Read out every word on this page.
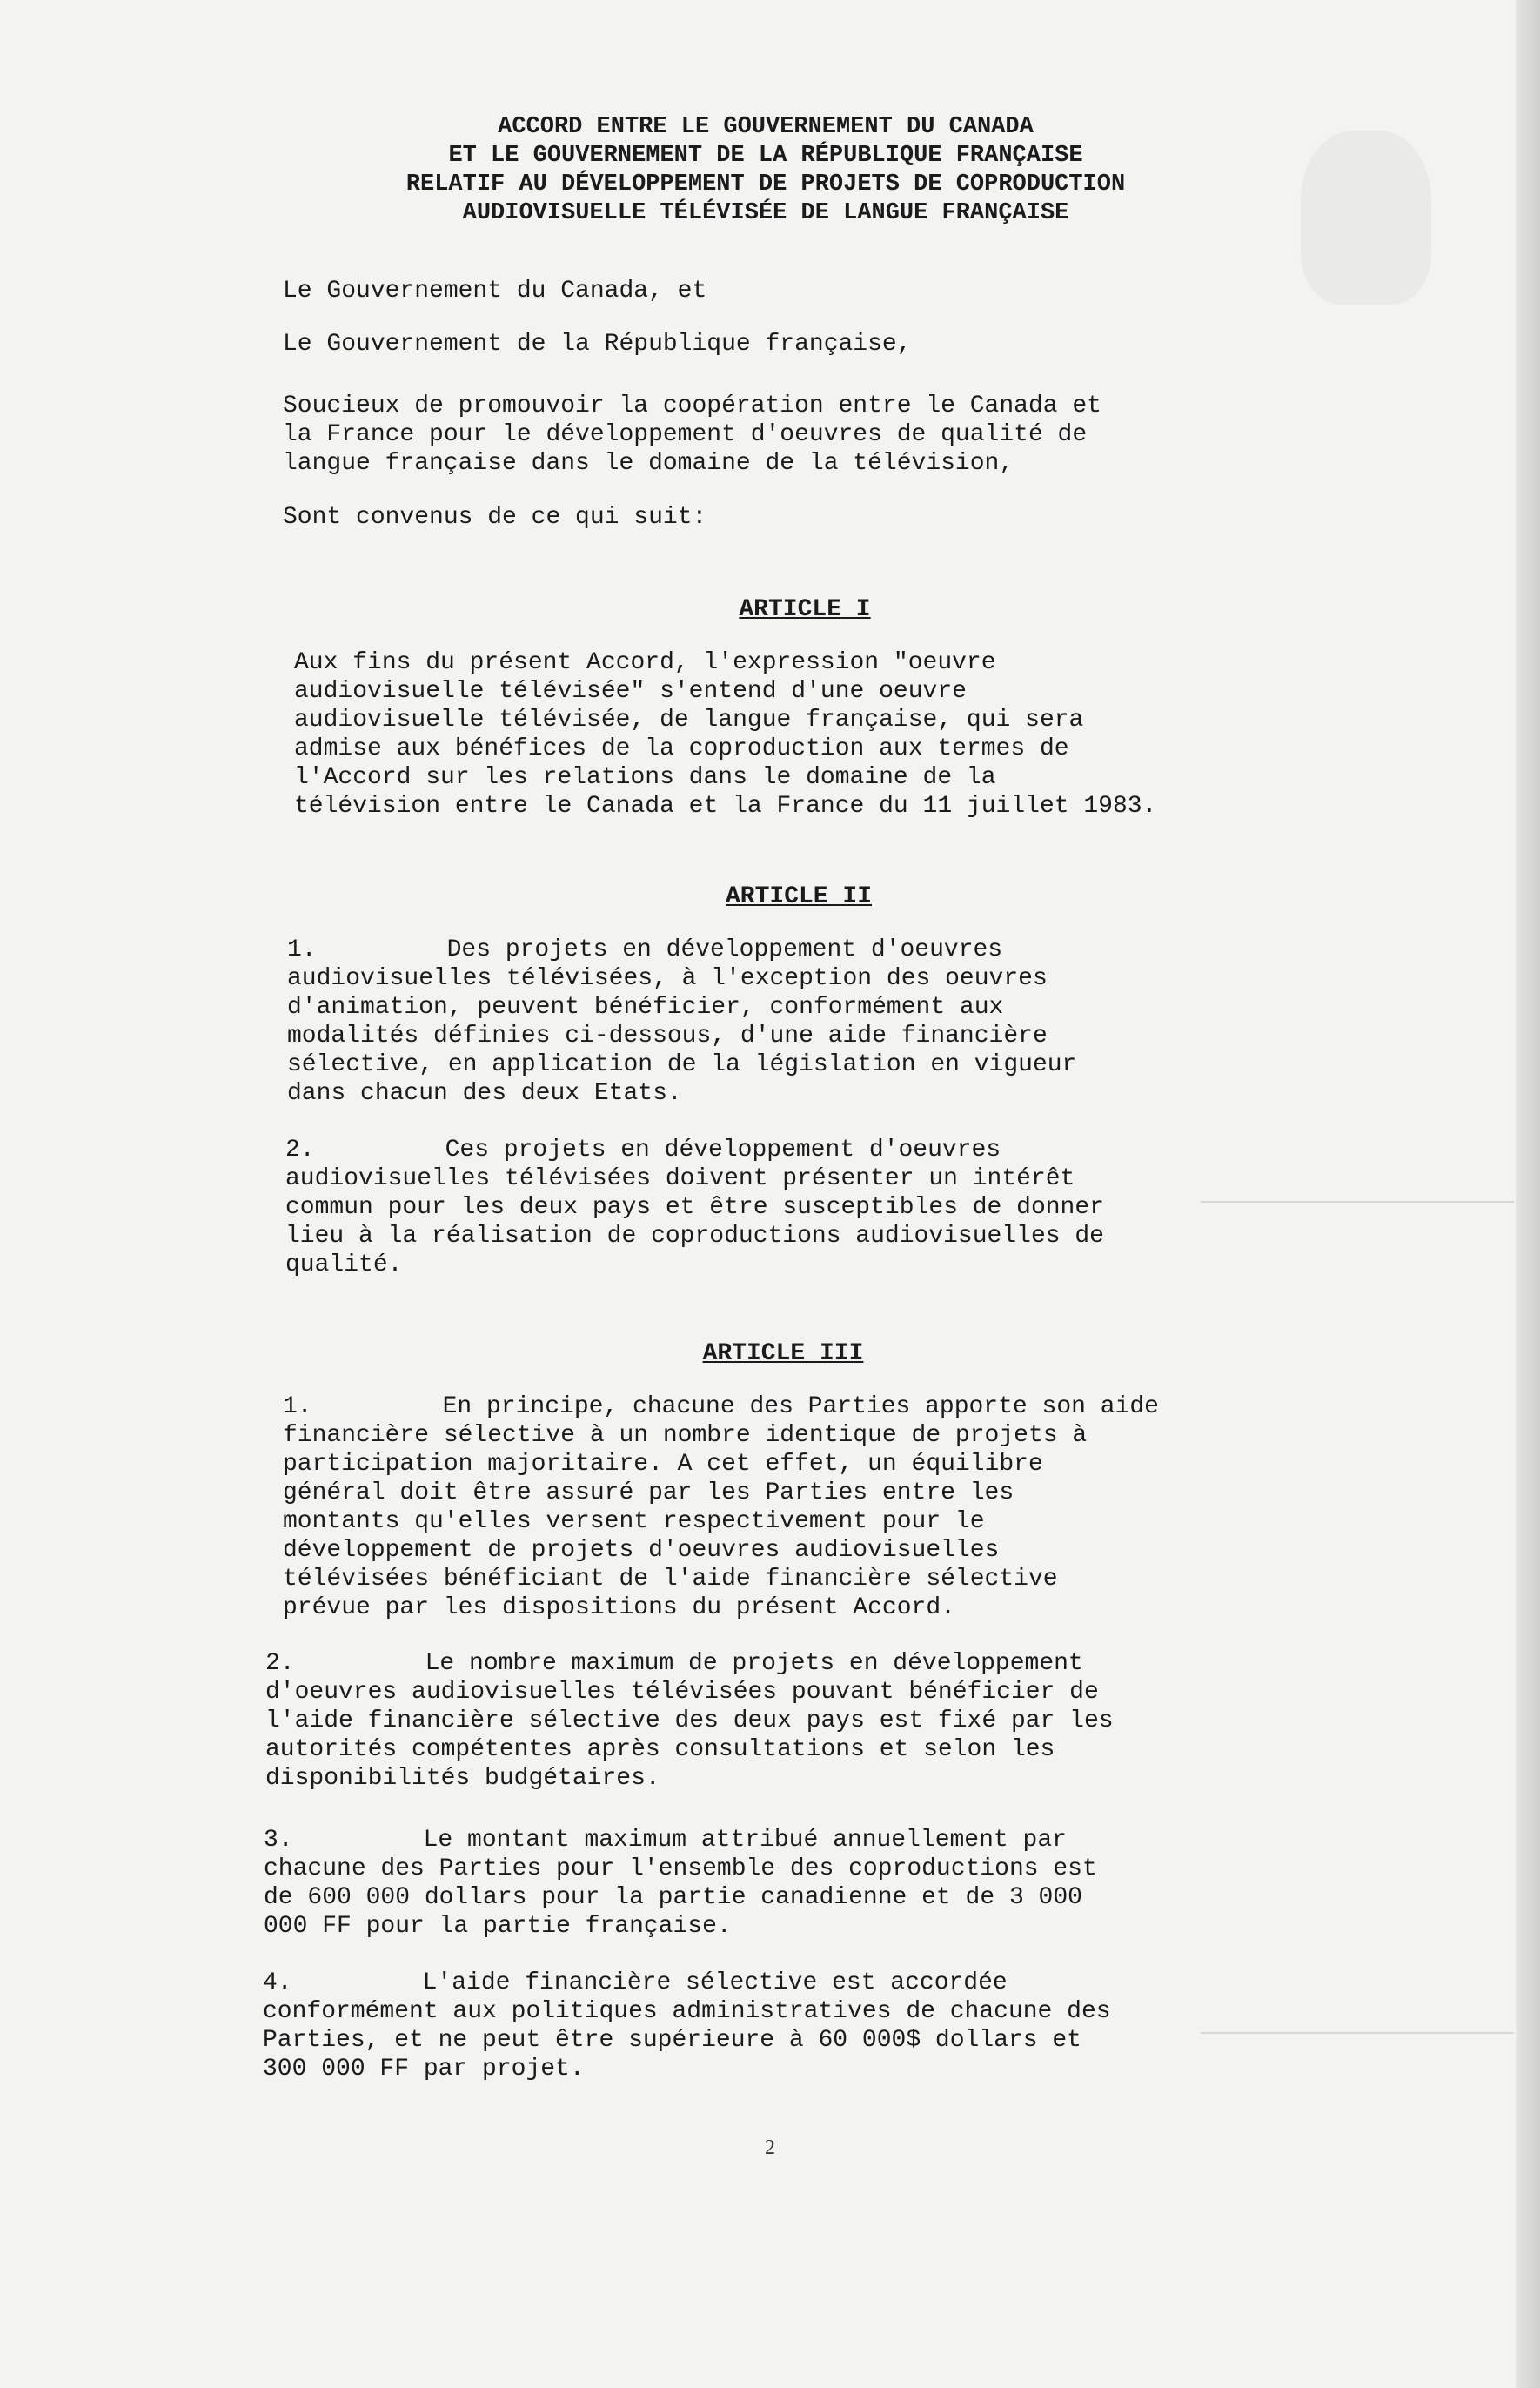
ACCORD ENTRE LE GOUVERNEMENT DU CANADA
ET LE GOUVERNEMENT DE LA RÉPUBLIQUE FRANÇAISE
RELATIF AU DÉVELOPPEMENT DE PROJETS DE COPRODUCTION
AUDIOVISUELLE TÉLÉVISÉE DE LANGUE FRANÇAISE
Le Gouvernement du Canada, et
Le Gouvernement de la République française,
Soucieux de promouvoir la coopération entre le Canada et
la France pour le développement d'oeuvres de qualité de
langue française dans le domaine de la télévision,
Sont convenus de ce qui suit:
ARTICLE I
Aux fins du présent Accord, l'expression "oeuvre
audiovisuelle télévisée" s'entend d'une oeuvre
audiovisuelle télévisée, de langue française, qui sera
admise aux bénéfices de la coproduction aux termes de
l'Accord sur les relations dans le domaine de la
télévision entre le Canada et la France du 11 juillet 1983.
ARTICLE II
1.	Des projets en développement d'oeuvres
audiovisuelles télévisées, à l'exception des oeuvres
d'animation, peuvent bénéficier, conformément aux
modalités définies ci-dessous, d'une aide financière
sélective, en application de la législation en vigueur
dans chacun des deux Etats.
2.	Ces projets en développement d'oeuvres
audiovisuelles télévisées doivent présenter un intérêt
commun pour les deux pays et être susceptibles de donner
lieu à la réalisation de coproductions audiovisuelles de
qualité.
ARTICLE III
1.	En principe, chacune des Parties apporte son aide
financière sélective à un nombre identique de projets à
participation majoritaire. A cet effet, un équilibre
général doit être assuré par les Parties entre les
montants qu'elles versent respectivement pour le
développement de projets d'oeuvres audiovisuelles
télévisées bénéficiant de l'aide financière sélective
prévue par les dispositions du présent Accord.
2.	Le nombre maximum de projets en développement
d'oeuvres audiovisuelles télévisées pouvant bénéficier de
l'aide financière sélective des deux pays est fixé par les
autorités compétentes après consultations et selon les
disponibilités budgétaires.
3.	Le montant maximum attribué annuellement par
chacune des Parties pour l'ensemble des coproductions est
de 600 000 dollars pour la partie canadienne et de 3 000
000 FF pour la partie française.
4.	L'aide financière sélective est accordée
conformément aux politiques administratives de chacune des
Parties, et ne peut être supérieure à 60 000$ dollars et
300 000 FF par projet.
2
